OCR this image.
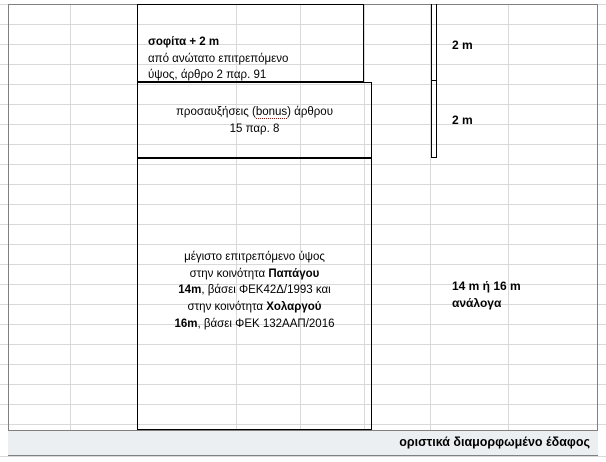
σοφίτα + 2 m
από ανώτατο επιτρεπόμενο
ύψος, άρθρο 2 παρ. 91
προσαυξήσεις (bonus) άρθρου
15 παρ. 8
μέγιστο επιτρεπόμενο ύψος
στην κοινότητα Παπάγου
14m, βάσει ΦΕΚ42Δ/1993 και
στην κοινότητα Χολαργού
16m, βάσει ΦΕΚ 132ΑΑΠ/2016
2 m
2 m
14 m ή 16 m
ανάλογα
οριστικά διαμορφωμένο έδαφος
